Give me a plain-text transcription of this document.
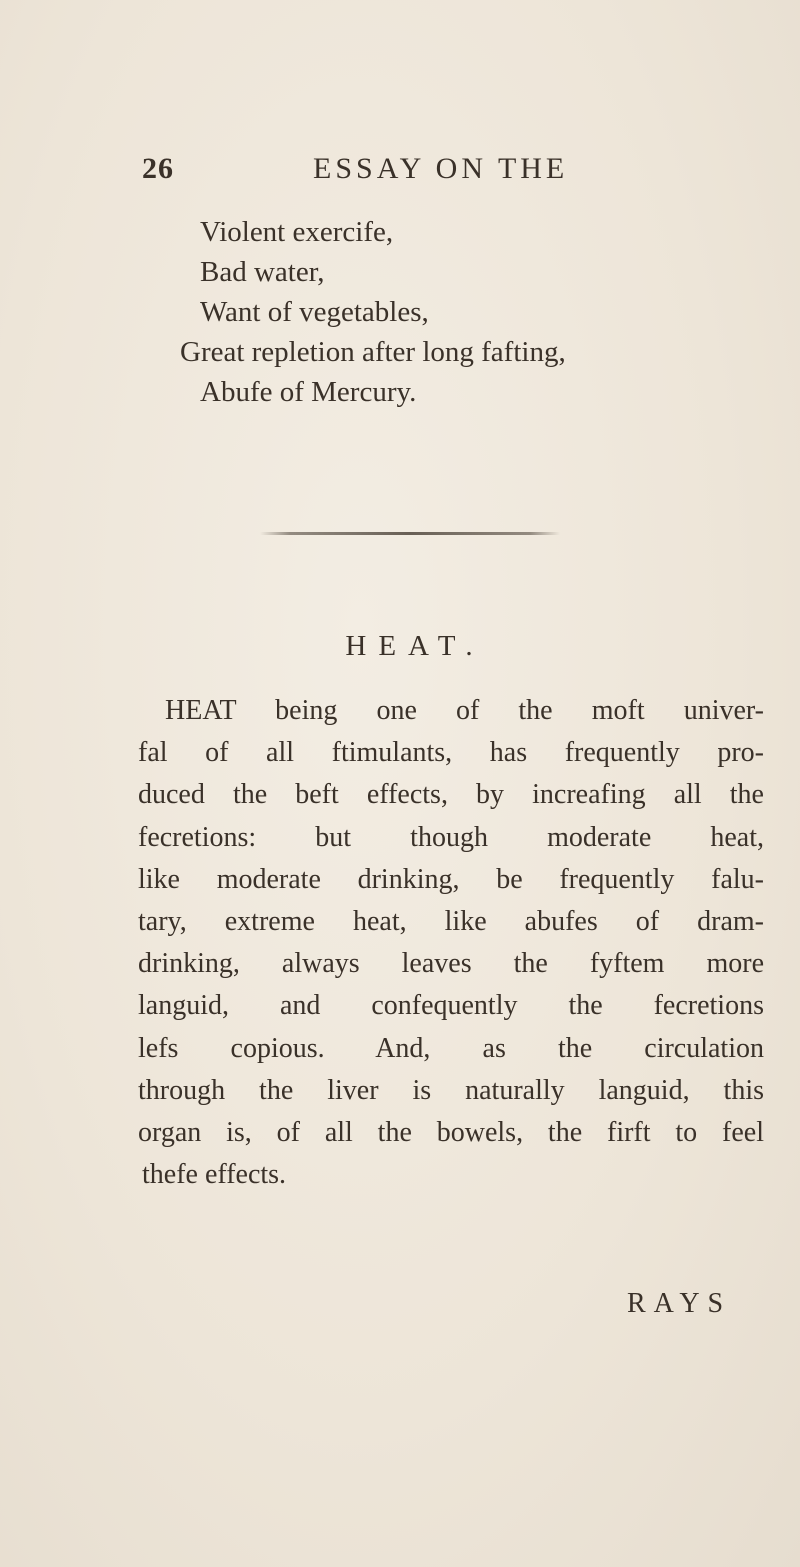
26	ESSAY ON THE
Violent exercife,
Bad water,
Want of vegetables,
Great repletion after long fafting,
Abufe of Mercury.
HEAT.
HEAT being one of the moft univer-
fal of all ftimulants, has frequently pro-
duced the beft effects, by increafing all the
fecretions: but though moderate heat,
like moderate drinking, be frequently falu-
tary, extreme heat, like abufes of dram-
drinking, always leaves the fyftem more
languid, and confequently the fecretions
lefs copious. And, as the circulation
through the liver is naturally languid, this
organ is, of all the bowels, the firft to feel
thefe effects.
RAYS
